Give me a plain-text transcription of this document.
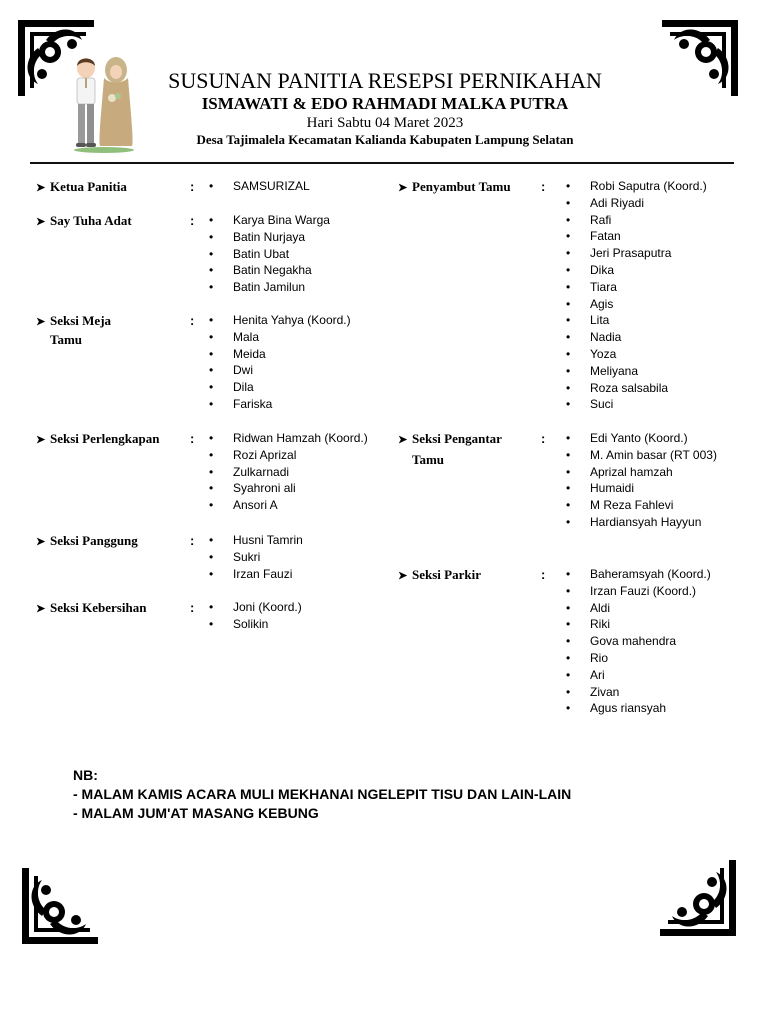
SUSUNAN PANITIA RESEPSI PERNIKAHAN
ISMAWATI & EDO RAHMADI MALKA PUTRA
Hari Sabtu 04 Maret 2023
Desa Tajimalela Kecamatan Kalianda Kabupaten Lampung Selatan
➤ Ketua Panitia	:	• SAMSURIZAL
➤ Say Tuha Adat	:	• Karya Bina Warga
• Batin Nurjaya
• Batin Ubat
• Batin Negakha
• Batin Jamilun
➤ Seksi Meja
Tamu
:	• Henita Yahya (Koord.)
• Mala
• Meida
• Dwi
• Dila
• Fariska
➤ Seksi Perlengkapan :	• Ridwan Hamzah (Koord.)
• Rozi Aprizal
• Zulkarnadi
• Syahroni ali
• Ansori A
➤ Seksi Panggung	:	• Husni Tamrin
• Sukri
• Irzan Fauzi
➤ Seksi Kebersihan	:	• Joni (Koord.)
• Solikin
➤ Penyambut Tamu :	• Robi Saputra (Koord.)
• Adi Riyadi
• Rafi
• Fatan
• Jeri Prasaputra
• Dika
• Tiara
• Agis
• Lita
• Nadia
• Yoza
• Meliyana
• Roza salsabila
• Suci
➤ Seksi Pengantar
Tamu
:	• Edi Yanto (Koord.)
• M. Amin basar (RT 003)
• Aprizal hamzah
• Humaidi
• M Reza Fahlevi
• Hardiansyah Hayyun
➤ Seksi Parkir	:	• Baheramsyah (Koord.)
• Irzan Fauzi (Koord.)
• Aldi
• Riki
• Gova mahendra
• Rio
• Ari
• Zivan
• Agus riansyah
NB:
- MALAM KAMIS ACARA MULI MEKHANAI NGELEPIT TISU DAN LAIN-LAIN
- MALAM JUM'AT MASANG KEBUNG
